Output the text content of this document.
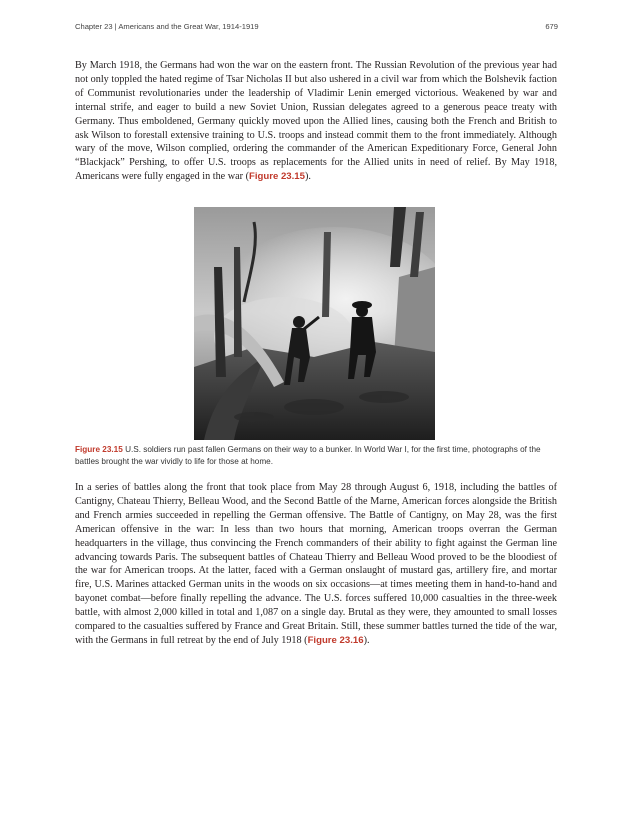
Chapter 23 | Americans and the Great War, 1914-1919	679

By March 1918, the Germans had won the war on the eastern front. The Russian Revolution of the previous year had not only toppled the hated regime of Tsar Nicholas II but also ushered in a civil war from which the Bolshevik faction of Communist revolutionaries under the leadership of Vladimir Lenin emerged victorious. Weakened by war and internal strife, and eager to build a new Soviet Union, Russian delegates agreed to a generous peace treaty with Germany. Thus emboldened, Germany quickly moved upon the Allied lines, causing both the French and British to ask Wilson to forestall extensive training to U.S. troops and instead commit them to the front immediately. Although wary of the move, Wilson complied, ordering the commander of the American Expeditionary Force, General John “Blackjack” Pershing, to offer U.S. troops as replacements for the Allied units in need of relief. By May 1918, Americans were fully engaged in the war (Figure 23.15).

Figure 23.15 U.S. soldiers run past fallen Germans on their way to a bunker. In World War I, for the first time, photographs of the battles brought the war vividly to life for those at home.

In a series of battles along the front that took place from May 28 through August 6, 1918, including the battles of Cantigny, Chateau Thierry, Belleau Wood, and the Second Battle of the Marne, American forces alongside the British and French armies succeeded in repelling the German offensive. The Battle of Cantigny, on May 28, was the first American offensive in the war: In less than two hours that morning, American troops overran the German headquarters in the village, thus convincing the French commanders of their ability to fight against the German line advancing towards Paris. The subsequent battles of Chateau Thierry and Belleau Wood proved to be the bloodiest of the war for American troops. At the latter, faced with a German onslaught of mustard gas, artillery fire, and mortar fire, U.S. Marines attacked German units in the woods on six occasions—at times meeting them in hand-to-hand and bayonet combat—before finally repelling the advance. The U.S. forces suffered 10,000 casualties in the three-week battle, with almost 2,000 killed in total and 1,087 on a single day. Brutal as they were, they amounted to small losses compared to the casualties suffered by France and Great Britain. Still, these summer battles turned the tide of the war, with the Germans in full retreat by the end of July 1918 (Figure 23.16).
